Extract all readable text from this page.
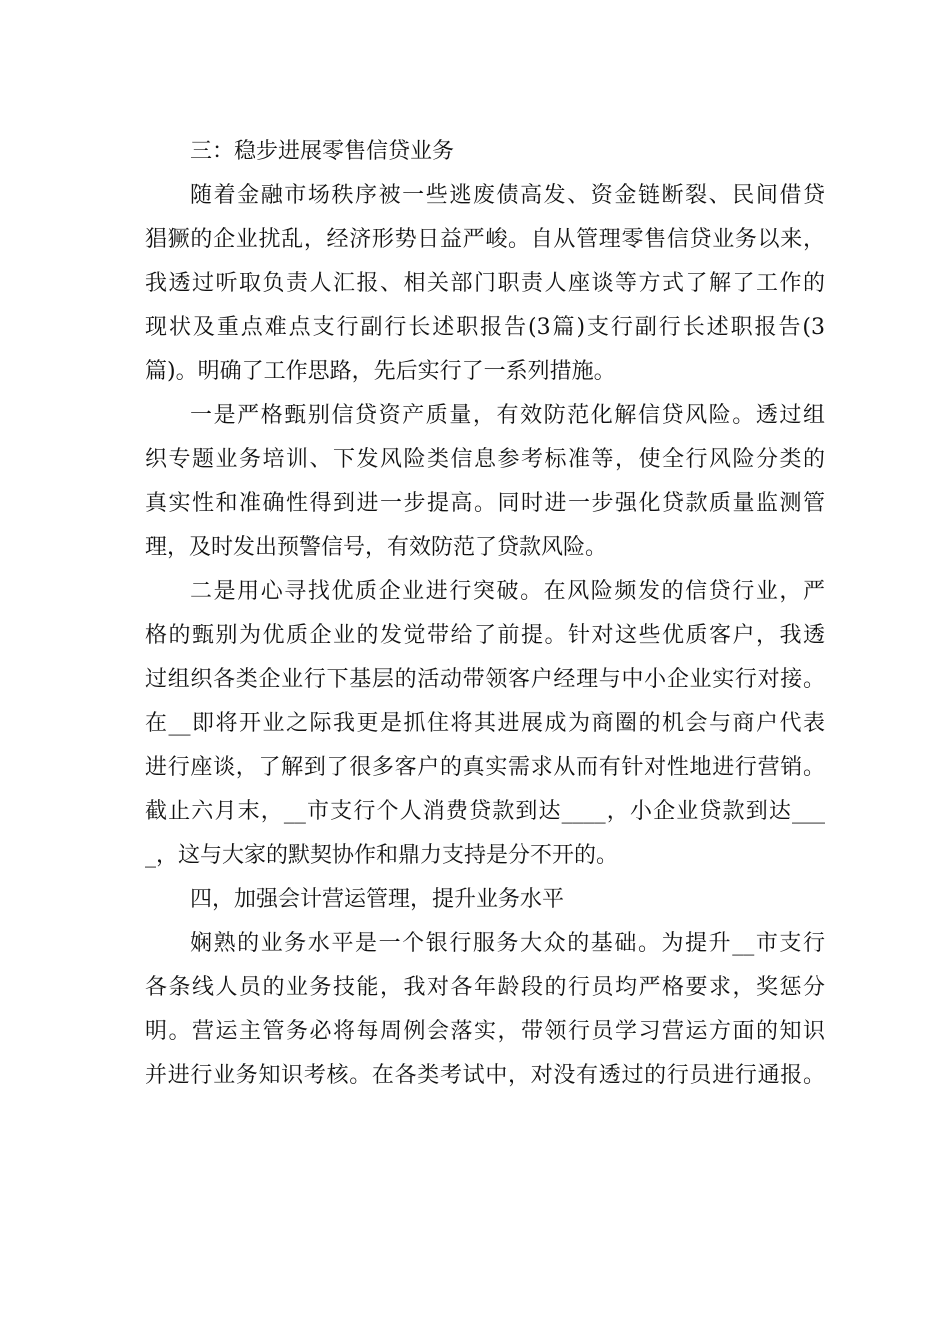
三：稳步进展零售信贷业务
随着金融市场秩序被一些逃废债高发、资金链断裂、民间借贷
猖獗的企业扰乱，经济形势日益严峻。自从管理零售信贷业务以来，
我透过听取负责人汇报、相关部门职责人座谈等方式了解了工作的
现状及重点难点支行副行长述职报告(3篇)支行副行长述职报告(3
篇)。明确了工作思路，先后实行了一系列措施。
一是严格甄别信贷资产质量，有效防范化解信贷风险。透过组
织专题业务培训、下发风险类信息参考标准等，使全行风险分类的
真实性和准确性得到进一步提高。同时进一步强化贷款质量监测管
理，及时发出预警信号，有效防范了贷款风险。
二是用心寻找优质企业进行突破。在风险频发的信贷行业，严
格的甄别为优质企业的发觉带给了前提。针对这些优质客户，我透
过组织各类企业行下基层的活动带领客户经理与中小企业实行对接。
在__即将开业之际我更是抓住将其进展成为商圈的机会与商户代表
进行座谈，了解到了很多客户的真实需求从而有针对性地进行营销。
截止六月末，__市支行个人消费贷款到达____，小企业贷款到达___
_，这与大家的默契协作和鼎力支持是分不开的。
四，加强会计营运管理，提升业务水平
娴熟的业务水平是一个银行服务大众的基础。为提升__市支行
各条线人员的业务技能，我对各年龄段的行员均严格要求，奖惩分
明。营运主管务必将每周例会落实，带领行员学习营运方面的知识
并进行业务知识考核。在各类考试中，对没有透过的行员进行通报。
